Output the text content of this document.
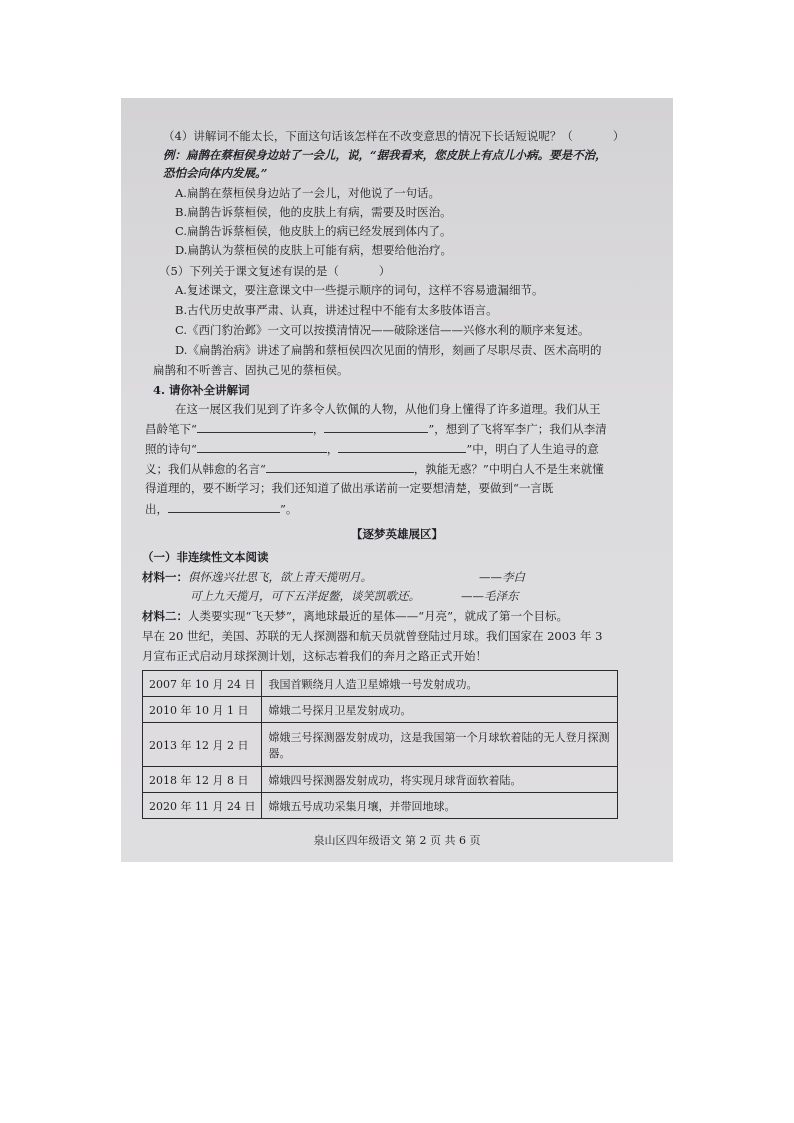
（4）讲解词不能太长，下面这句话该怎样在不改变意思的情况下长话短说呢？（	）
例：扁鹊在蔡桓侯身边站了一会儿，说，“据我看来，您皮肤上有点儿小病。要是不治，
恐怕会向体内发展。”
A.扁鹊在蔡桓侯身边站了一会儿，对他说了一句话。
B.扁鹊告诉蔡桓侯，他的皮肤上有病，需要及时医治。
C.扁鹊告诉蔡桓侯，他皮肤上的病已经发展到体内了。
D.扁鹊认为蔡桓侯的皮肤上可能有病，想要给他治疗。
（5）下列关于课文复述有误的是（	）
A.复述课文，要注意课文中一些提示顺序的词句，这样不容易遗漏细节。
B.古代历史故事严肃、认真，讲述过程中不能有太多肢体语言。
C.《西门豹治邺》一文可以按摸清情况——破除迷信——兴修水利的顺序来复述。
D.《扁鹊治病》讲述了扁鹊和蔡桓侯四次见面的情形，刻画了尽职尽责、医术高明的
扁鹊和不听善言、固执己见的蔡桓侯。
4. 请你补全讲解词
在这一展区我们见到了许多令人钦佩的人物，从他们身上懂得了许多道理。我们从王
昌龄笔下“	，	”，想到了飞将军李广；我们从李清
照的诗句“	，	”中，明白了人生追寻的意
义；我们从韩愈的名言“	，孰能无惑？”中明白人不是生来就懂
得道理的，要不断学习；我们还知道了做出承诺前一定要想清楚，要做到“一言既
出，	”。
【逐梦英雄展区】
（一）非连续性文本阅读
材料一：俱怀逸兴壮思飞，欲上青天揽明月。	——李白
可上九天揽月，可下五洋捉鳖，谈笑凯歌还。	——毛泽东
材料二：人类要实现“飞天梦”，离地球最近的星体——“月亮”，就成了第一个目标。
早在 20 世纪，美国、苏联的无人探测器和航天员就曾登陆过月球。我们国家在 2003 年 3
月宣布正式启动月球探测计划，这标志着我们的奔月之路正式开始！
2007 年 10 月 24 日	我国首颗绕月人造卫星嫦娥一号发射成功。
2010 年 10 月 1 日	嫦娥二号探月卫星发射成功。
2013 年 12 月 2 日	嫦娥三号探测器发射成功，这是我国第一个月球软着陆的无人登月探测器。
2018 年 12 月 8 日	嫦娥四号探测器发射成功，将实现月球背面软着陆。
2020 年 11 月 24 日	嫦娥五号成功采集月壤，并带回地球。
泉山区四年级语文 第 2 页 共 6 页
